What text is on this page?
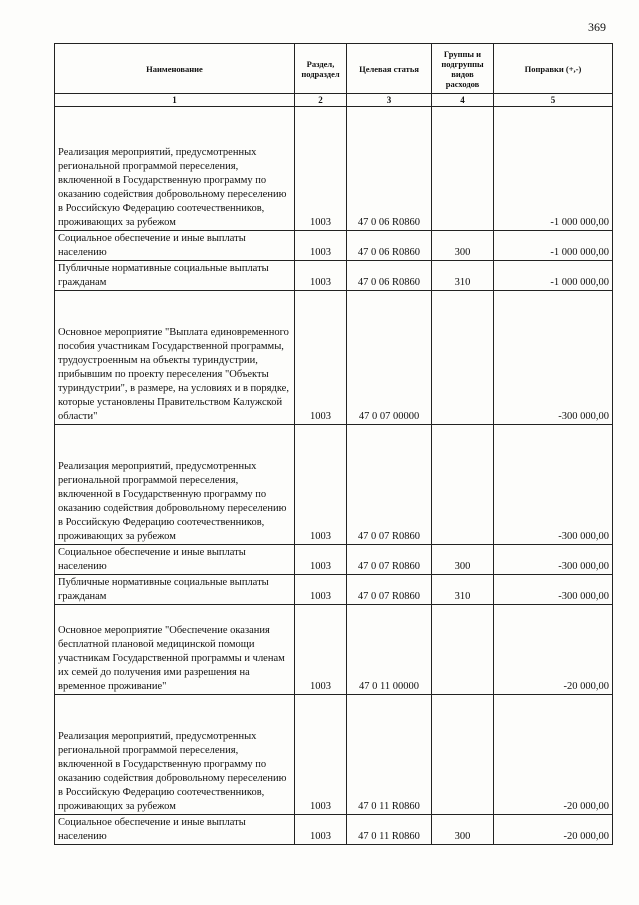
369
Наименование	Раздел, подраздел	Целевая статья	Группы и подгруппы видов расходов	Поправки (+,-)
1	2	3	4	5
Реализация мероприятий, предусмотренных региональной программой переселения, включенной в Государственную программу по оказанию содействия добровольному переселению в Российскую Федерацию соотечественников, проживающих за рубежом	1003	47 0 06 R0860		-1 000 000,00
Социальное обеспечение и иные выплаты населению	1003	47 0 06 R0860	300	-1 000 000,00
Публичные нормативные социальные выплаты гражданам	1003	47 0 06 R0860	310	-1 000 000,00
Основное мероприятие "Выплата единовременного пособия участникам Государственной программы, трудоустроенным на объекты туриндустрии, прибывшим по проекту переселения "Объекты туриндустрии", в размере, на условиях и в порядке, которые установлены Правительством Калужской области"	1003	47 0 07 00000		-300 000,00
Реализация мероприятий, предусмотренных региональной программой переселения, включенной в Государственную программу по оказанию содействия добровольному переселению в Российскую Федерацию соотечественников, проживающих за рубежом	1003	47 0 07 R0860		-300 000,00
Социальное обеспечение и иные выплаты населению	1003	47 0 07 R0860	300	-300 000,00
Публичные нормативные социальные выплаты гражданам	1003	47 0 07 R0860	310	-300 000,00
Основное мероприятие "Обеспечение оказания бесплатной плановой медицинской помощи участникам Государственной программы и членам их семей до получения ими разрешения на временное проживание"	1003	47 0 11 00000		-20 000,00
Реализация мероприятий, предусмотренных региональной программой переселения, включенной в Государственную программу по оказанию содействия добровольному переселению в Российскую Федерацию соотечественников, проживающих за рубежом	1003	47 0 11 R0860		-20 000,00
Социальное обеспечение и иные выплаты населению	1003	47 0 11 R0860	300	-20 000,00
